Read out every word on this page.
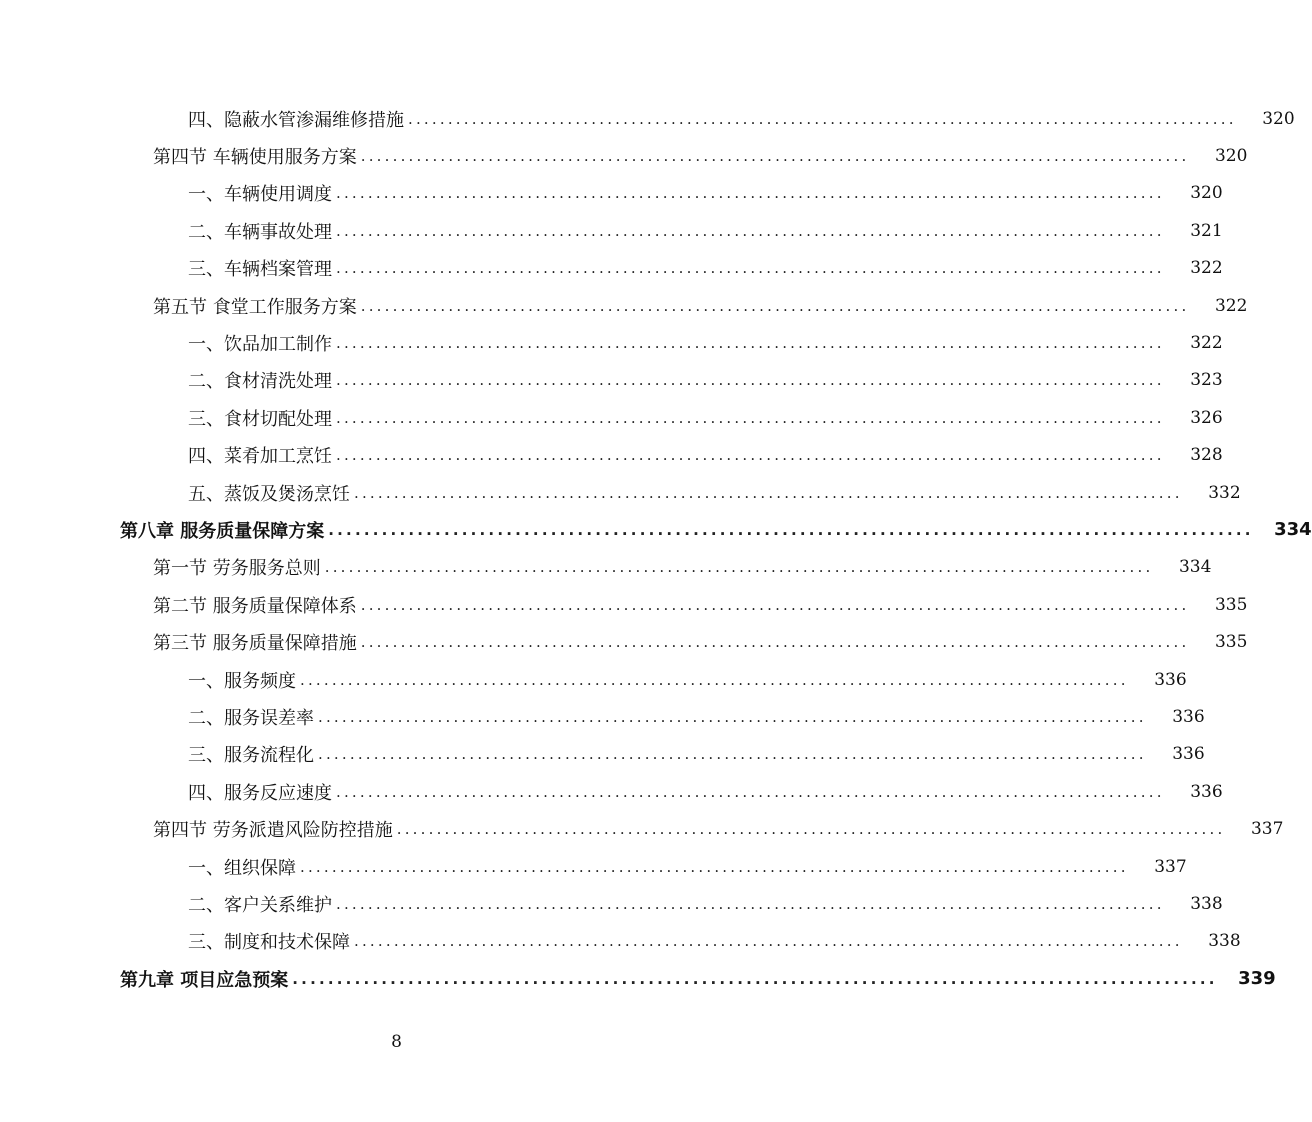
四、隐蔽水管渗漏维修措施 ........................................................................................................	320
第四节 车辆使用服务方案 ........................................................................................................	320
一、车辆使用调度 ........................................................................................................	320
二、车辆事故处理 ........................................................................................................	321
三、车辆档案管理 ........................................................................................................	322
第五节 食堂工作服务方案 ........................................................................................................	322
一、饮品加工制作 ........................................................................................................	322
二、食材清洗处理 ........................................................................................................	323
三、食材切配处理 ........................................................................................................	326
四、菜肴加工烹饪 ........................................................................................................	328
五、蒸饭及煲汤烹饪 ........................................................................................................	332
第八章 服务质量保障方案 ........................................................................................................	334
第一节 劳务服务总则 ........................................................................................................	334
第二节 服务质量保障体系 ........................................................................................................	335
第三节 服务质量保障措施 ........................................................................................................	335
一、服务频度 ........................................................................................................	336
二、服务误差率 ........................................................................................................	336
三、服务流程化 ........................................................................................................	336
四、服务反应速度 ........................................................................................................	336
第四节 劳务派遣风险防控措施 ........................................................................................................	337
一、组织保障 ........................................................................................................	337
二、客户关系维护 ........................................................................................................	338
三、制度和技术保障 ........................................................................................................	338
第九章 项目应急预案 ........................................................................................................	339
8
